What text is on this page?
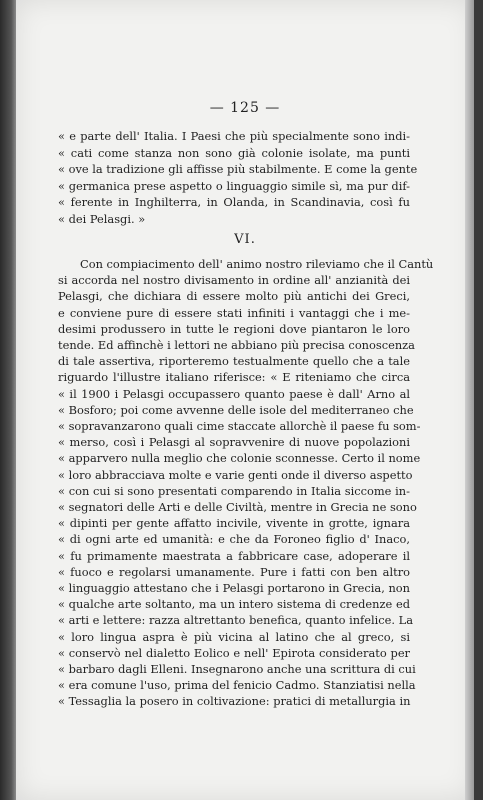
— 125 —
« e parte dell' Italia. I Paesi che più specialmente sono indi-
« cati come stanza non sono già colonie isolate, ma punti
« ove la tradizione gli affisse più stabilmente. E come la gente
« germanica prese aspetto o linguaggio simile sì, ma pur dif-
« ferente in Inghilterra, in Olanda, in Scandinavia, così fu
« dei Pelasgi. »
VI.
Con compiacimento dell' animo nostro rileviamo che il Cantù
si accorda nel nostro divisamento in ordine all' anzianità dei
Pelasgi, che dichiara di essere molto più antichi dei Greci,
e conviene pure di essere stati infiniti i vantaggi che i me-
desimi produssero in tutte le regioni dove piantaron le loro
tende. Ed affinchè i lettori ne abbiano più precisa conoscenza
di tale assertiva, riporteremo testualmente quello che a tale
riguardo l'illustre italiano riferisce: « E riteniamo che circa
« il 1900 i Pelasgi occupassero quanto paese è dall' Arno al
« Bosforo; poi come avvenne delle isole del mediterraneo che
« sopravanzarono quali cime staccate allorchè il paese fu som-
« merso, così i Pelasgi al sopravvenire di nuove popolazioni
« apparvero nulla meglio che colonie sconnesse. Certo il nome
« loro abbracciava molte e varie genti onde il diverso aspetto
« con cui si sono presentati comparendo in Italia siccome in-
« segnatori delle Arti e delle Civiltà, mentre in Grecia ne sono
« dipinti per gente affatto incivile, vivente in grotte, ignara
« di ogni arte ed umanità: e che da Foroneo figlio d' Inaco,
« fu primamente maestrata a fabbricare case, adoperare il
« fuoco e regolarsi umanamente. Pure i fatti con ben altro
« linguaggio attestano che i Pelasgi portarono in Grecia, non
« qualche arte soltanto, ma un intero sistema di credenze ed
« arti e lettere: razza altrettanto benefica, quanto infelice. La
« loro lingua aspra è più vicina al latino che al greco, si
« conservò nel dialetto Eolico e nell' Epirota considerato per
« barbaro dagli Elleni. Insegnarono anche una scrittura di cui
« era comune l'uso, prima del fenicio Cadmo. Stanziatisi nella
« Tessaglia la posero in coltivazione: pratici di metallurgia in
